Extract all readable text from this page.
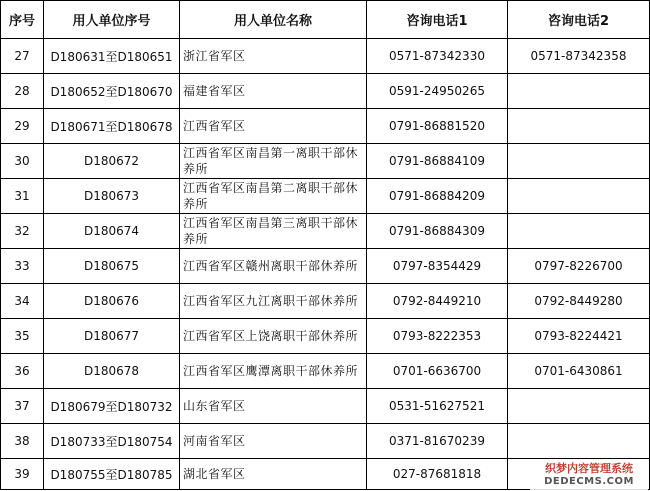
序号	用人单位序号	用人单位名称	咨询电话1	咨询电话2
27	D180631至D180651	浙江省军区	0571-87342330	0571-87342358
28	D180652至D180670	福建省军区	0591-24950265	
29	D180671至D180678	江西省军区	0791-86881520	
30	D180672	江西省军区南昌第一离职干部休养所	0791-86884109	
31	D180673	江西省军区南昌第二离职干部休养所	0791-86884209	
32	D180674	江西省军区南昌第三离职干部休养所	0791-86884309	
33	D180675	江西省军区赣州离职干部休养所	0797-8354429	0797-8226700
34	D180676	江西省军区九江离职干部休养所	0792-8449210	0792-8449280
35	D180677	江西省军区上饶离职干部休养所	0793-8222353	0793-8224421
36	D180678	江西省军区鹰潭离职干部休养所	0701-6636700	0701-6430861
37	D180679至D180732	山东省军区	0531-51627521	
38	D180733至D180754	河南省军区	0371-81670239	
39	D180755至D180785	湖北省军区	027-87681818		织梦内容管理系统
DEDECMS.COM
